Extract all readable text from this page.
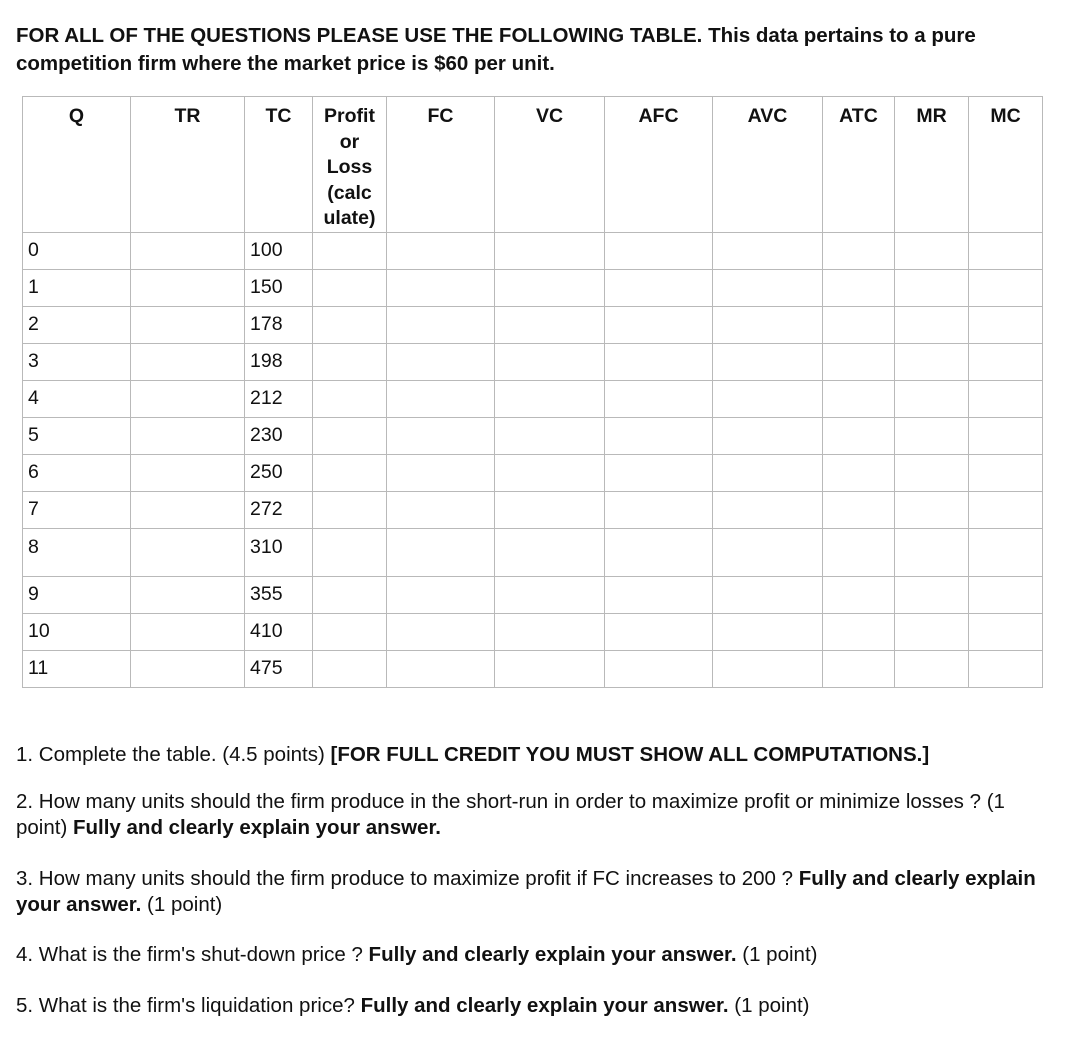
FOR ALL OF THE QUESTIONS PLEASE USE THE FOLLOWING TABLE. This data pertains to a pure competition firm where the market price is $60 per unit.
Q	TR	TC	Profit
or
Loss
(calc
ulate)	FC	VC	AFC	AVC	ATC	MR	MC
0		100								
1		150								
2		178								
3		198								
4		212								
5		230								
6		250								
7		272								
8		310								
9		355								
10		410								
11		475								
1. Complete the table. (4.5 points) [FOR FULL CREDIT YOU MUST SHOW ALL COMPUTATIONS.]
2. How many units should the firm produce in the short-run in order to maximize profit or minimize losses ? (1 point) Fully and clearly explain your answer.
3. How many units should the firm produce to maximize profit if FC increases to 200 ? Fully and clearly explain your answer. (1 point)
4. What is the firm's shut-down price ? Fully and clearly explain your answer. (1 point)
5. What is the firm's liquidation price? Fully and clearly explain your answer. (1 point)
